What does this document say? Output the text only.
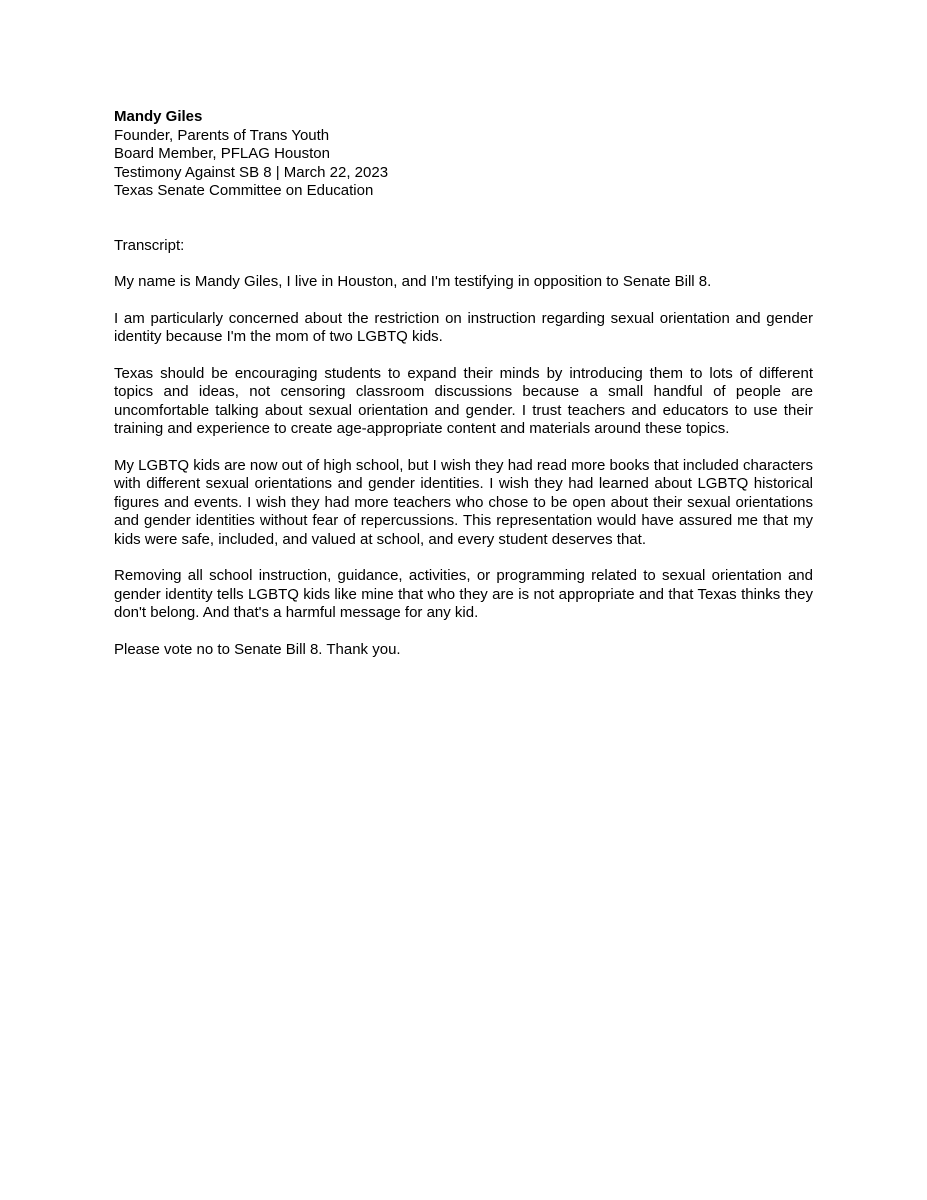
Mandy Giles

Founder, Parents of Trans Youth

Board Member, PFLAG Houston

Testimony Against SB 8 | March 22, 2023

Texas Senate Committee on Education

Transcript:

My name is Mandy Giles, I live in Houston, and I'm testifying in opposition to Senate Bill 8.

I am particularly concerned about the restriction on instruction regarding sexual orientation and gender identity because I'm the mom of two LGBTQ kids.

Texas should be encouraging students to expand their minds by introducing them to lots of different topics and ideas, not censoring classroom discussions because a small handful of people are uncomfortable talking about sexual orientation and gender. I trust teachers and educators to use their training and experience to create age-appropriate content and materials around these topics.

My LGBTQ kids are now out of high school, but I wish they had read more books that included characters with different sexual orientations and gender identities. I wish they had learned about LGBTQ historical figures and events. I wish they had more teachers who chose to be open about their sexual orientations and gender identities without fear of repercussions. This representation would have assured me that my kids were safe, included, and valued at school, and every student deserves that.

Removing all school instruction, guidance, activities, or programming related to sexual orientation and gender identity tells LGBTQ kids like mine that who they are is not appropriate and that Texas thinks they don't belong. And that's a harmful message for any kid.

Please vote no to Senate Bill 8. Thank you.
